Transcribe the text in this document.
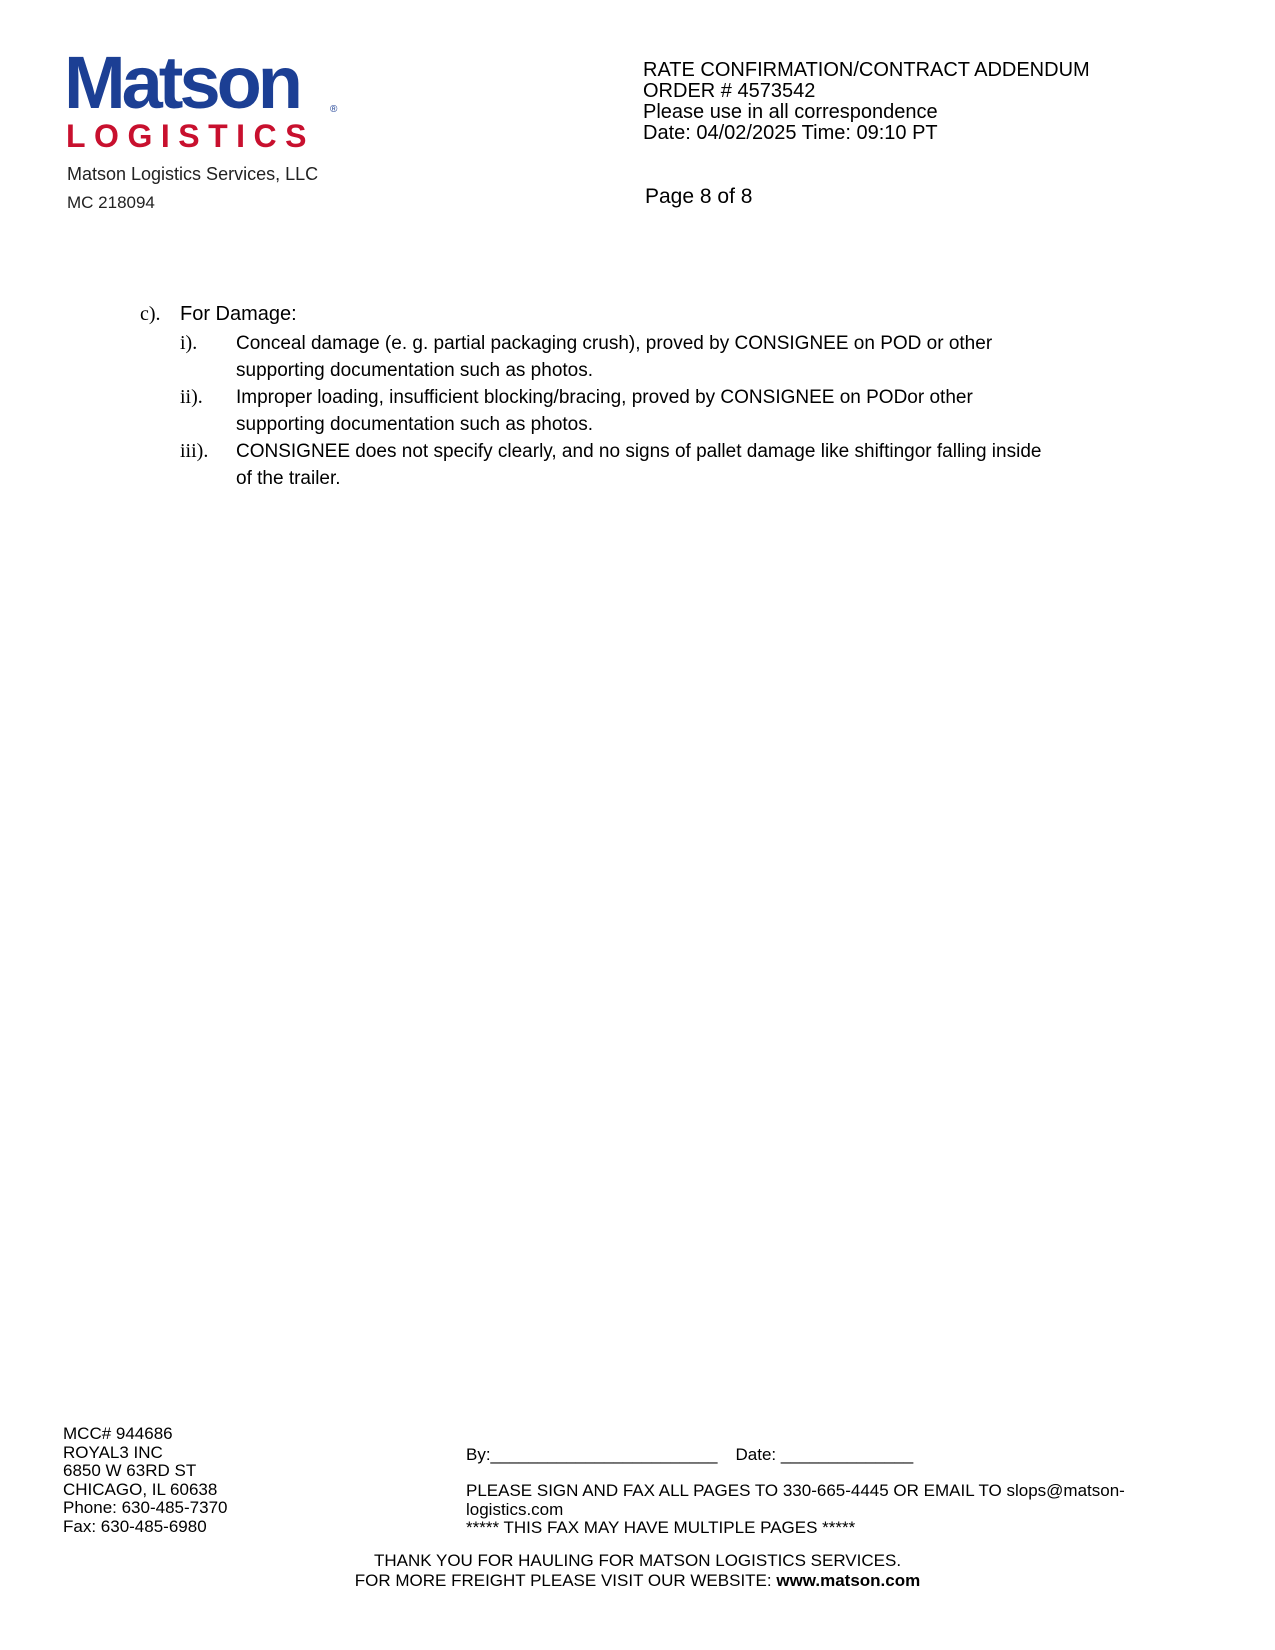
Matson	®
LOGISTICS
Matson Logistics Services, LLC
MC 218094
RATE CONFIRMATION/CONTRACT ADDENDUM
ORDER # 4573542
Please use in all correspondence
Date: 04/02/2025 Time: 09:10 PT
Page 8 of 8
c). For Damage:
i). Conceal damage (e. g. partial packaging crush), proved by CONSIGNEE on POD or other supporting documentation such as photos.
ii). Improper loading, insufficient blocking/bracing, proved by CONSIGNEE on PODor other supporting documentation such as photos.
iii). CONSIGNEE does not specify clearly, and no signs of pallet damage like shiftingor falling inside of the trailer.
MCC# 944686
ROYAL3 INC
6850 W 63RD ST
CHICAGO, IL 60638
Phone: 630-485-7370
Fax: 630-485-6980
By:________________________ Date: ______________
PLEASE SIGN AND FAX ALL PAGES TO 330-665-4445 OR EMAIL TO slops@matson-logistics.com
***** THIS FAX MAY HAVE MULTIPLE PAGES *****
THANK YOU FOR HAULING FOR MATSON LOGISTICS SERVICES.
FOR MORE FREIGHT PLEASE VISIT OUR WEBSITE: www.matson.com
